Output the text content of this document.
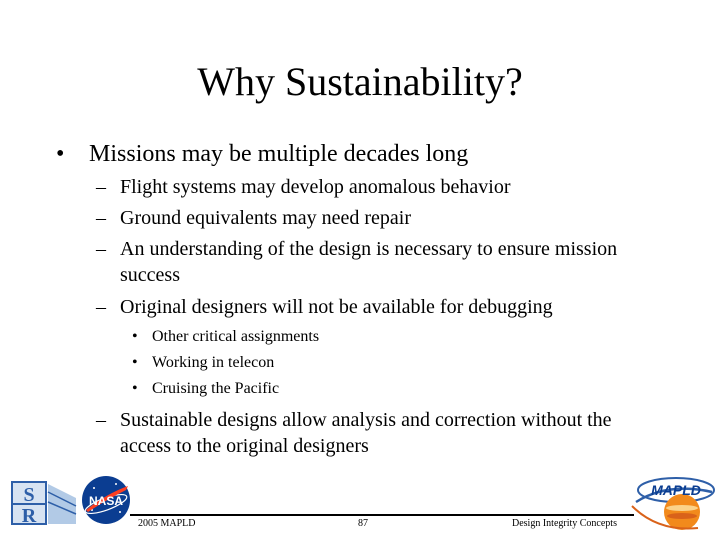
Why Sustainability?
• Missions may be multiple decades long
– Flight systems may develop anomalous behavior
– Ground equivalents may need repair
– An understanding of the design is necessary to ensure mission success
– Original designers will not be available for debugging
• Other critical assignments
• Working in telecon
• Cruising the Pacific
– Sustainable designs allow analysis and correction without the access to the original designers
S
R
NASA
2005 MAPLD	87	Design Integrity Concepts
MAPLD
